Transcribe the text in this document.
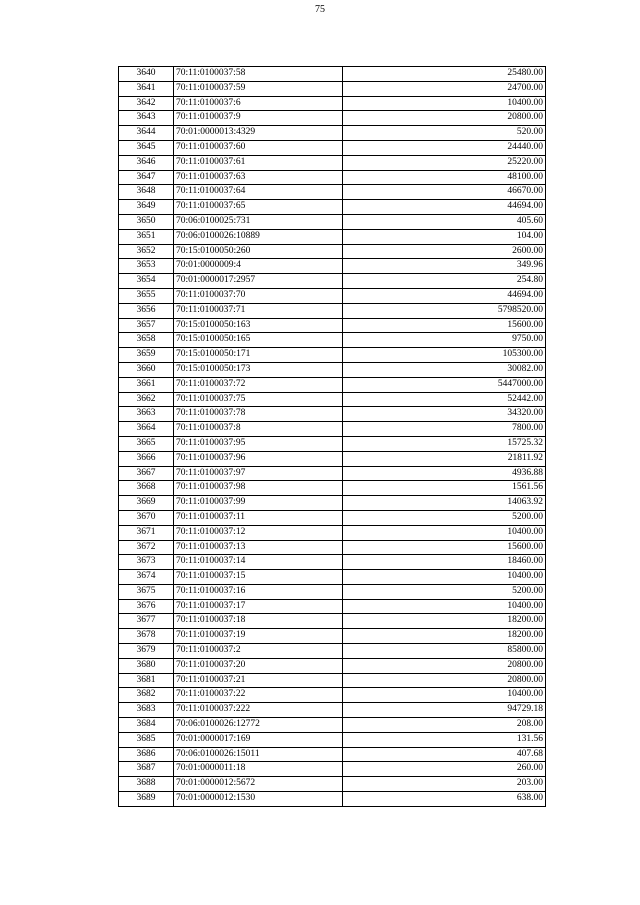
75
3640	70:11:0100037:58	25480.00
3641	70:11:0100037:59	24700.00
3642	70:11:0100037:6	10400.00
3643	70:11:0100037:9	20800.00
3644	70:01:0000013:4329	520.00
3645	70:11:0100037:60	24440.00
3646	70:11:0100037:61	25220.00
3647	70:11:0100037:63	48100.00
3648	70:11:0100037:64	46670.00
3649	70:11:0100037:65	44694.00
3650	70:06:0100025:731	405.60
3651	70:06:0100026:10889	104.00
3652	70:15:0100050:260	2600.00
3653	70:01:0000009:4	349.96
3654	70:01:0000017:2957	254.80
3655	70:11:0100037:70	44694.00
3656	70:11:0100037:71	5798520.00
3657	70:15:0100050:163	15600.00
3658	70:15:0100050:165	9750.00
3659	70:15:0100050:171	105300.00
3660	70:15:0100050:173	30082.00
3661	70:11:0100037:72	5447000.00
3662	70:11:0100037:75	52442.00
3663	70:11:0100037:78	34320.00
3664	70:11:0100037:8	7800.00
3665	70:11:0100037:95	15725.32
3666	70:11:0100037:96	21811.92
3667	70:11:0100037:97	4936.88
3668	70:11:0100037:98	1561.56
3669	70:11:0100037:99	14063.92
3670	70:11:0100037:11	5200.00
3671	70:11:0100037:12	10400.00
3672	70:11:0100037:13	15600.00
3673	70:11:0100037:14	18460.00
3674	70:11:0100037:15	10400.00
3675	70:11:0100037:16	5200.00
3676	70:11:0100037:17	10400.00
3677	70:11:0100037:18	18200.00
3678	70:11:0100037:19	18200.00
3679	70:11:0100037:2	85800.00
3680	70:11:0100037:20	20800.00
3681	70:11:0100037:21	20800.00
3682	70:11:0100037:22	10400.00
3683	70:11:0100037:222	94729.18
3684	70:06:0100026:12772	208.00
3685	70:01:0000017:169	131.56
3686	70:06:0100026:15011	407.68
3687	70:01:0000011:18	260.00
3688	70:01:0000012:5672	203.00
3689	70:01:0000012:1530	638.00
